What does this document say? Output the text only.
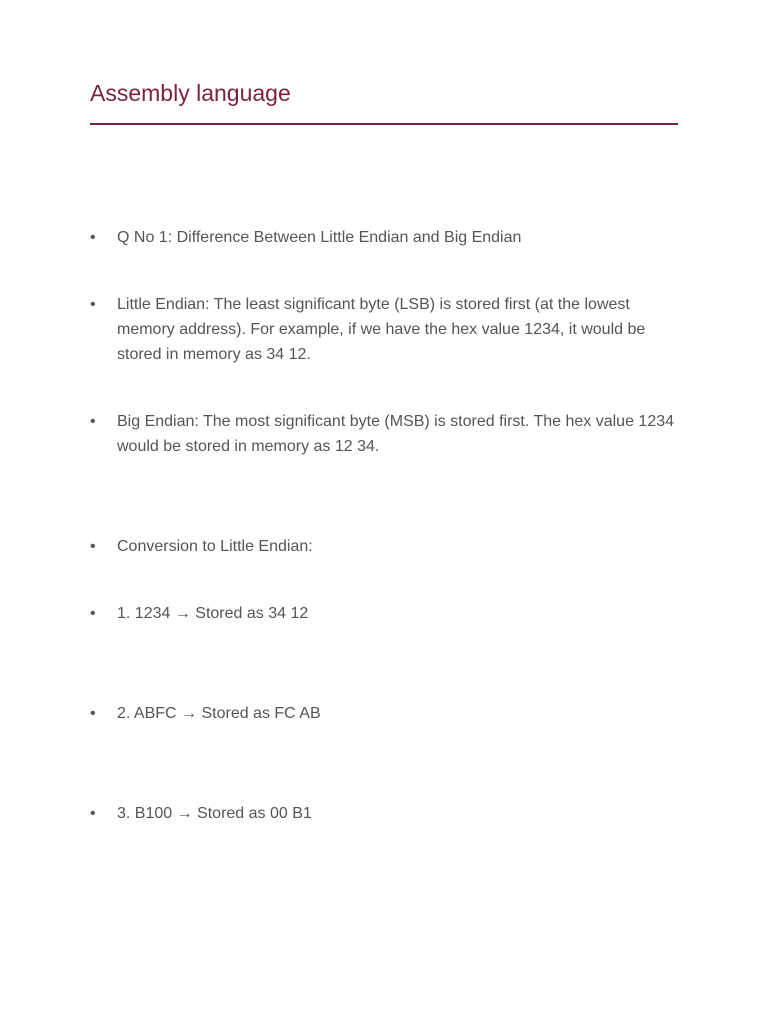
Assembly language
•	Q No 1: Difference Between Little Endian and Big Endian
•	Little Endian: The least significant byte (LSB) is stored first (at the lowest memory address). For example, if we have the hex value 1234, it would be stored in memory as 34 12.
•	Big Endian: The most significant byte (MSB) is stored first. The hex value 1234 would be stored in memory as 12 34.
•	Conversion to Little Endian:
•	1. 1234 → Stored as 34 12
•	2. ABFC → Stored as FC AB
•	3. B100 → Stored as 00 B1
